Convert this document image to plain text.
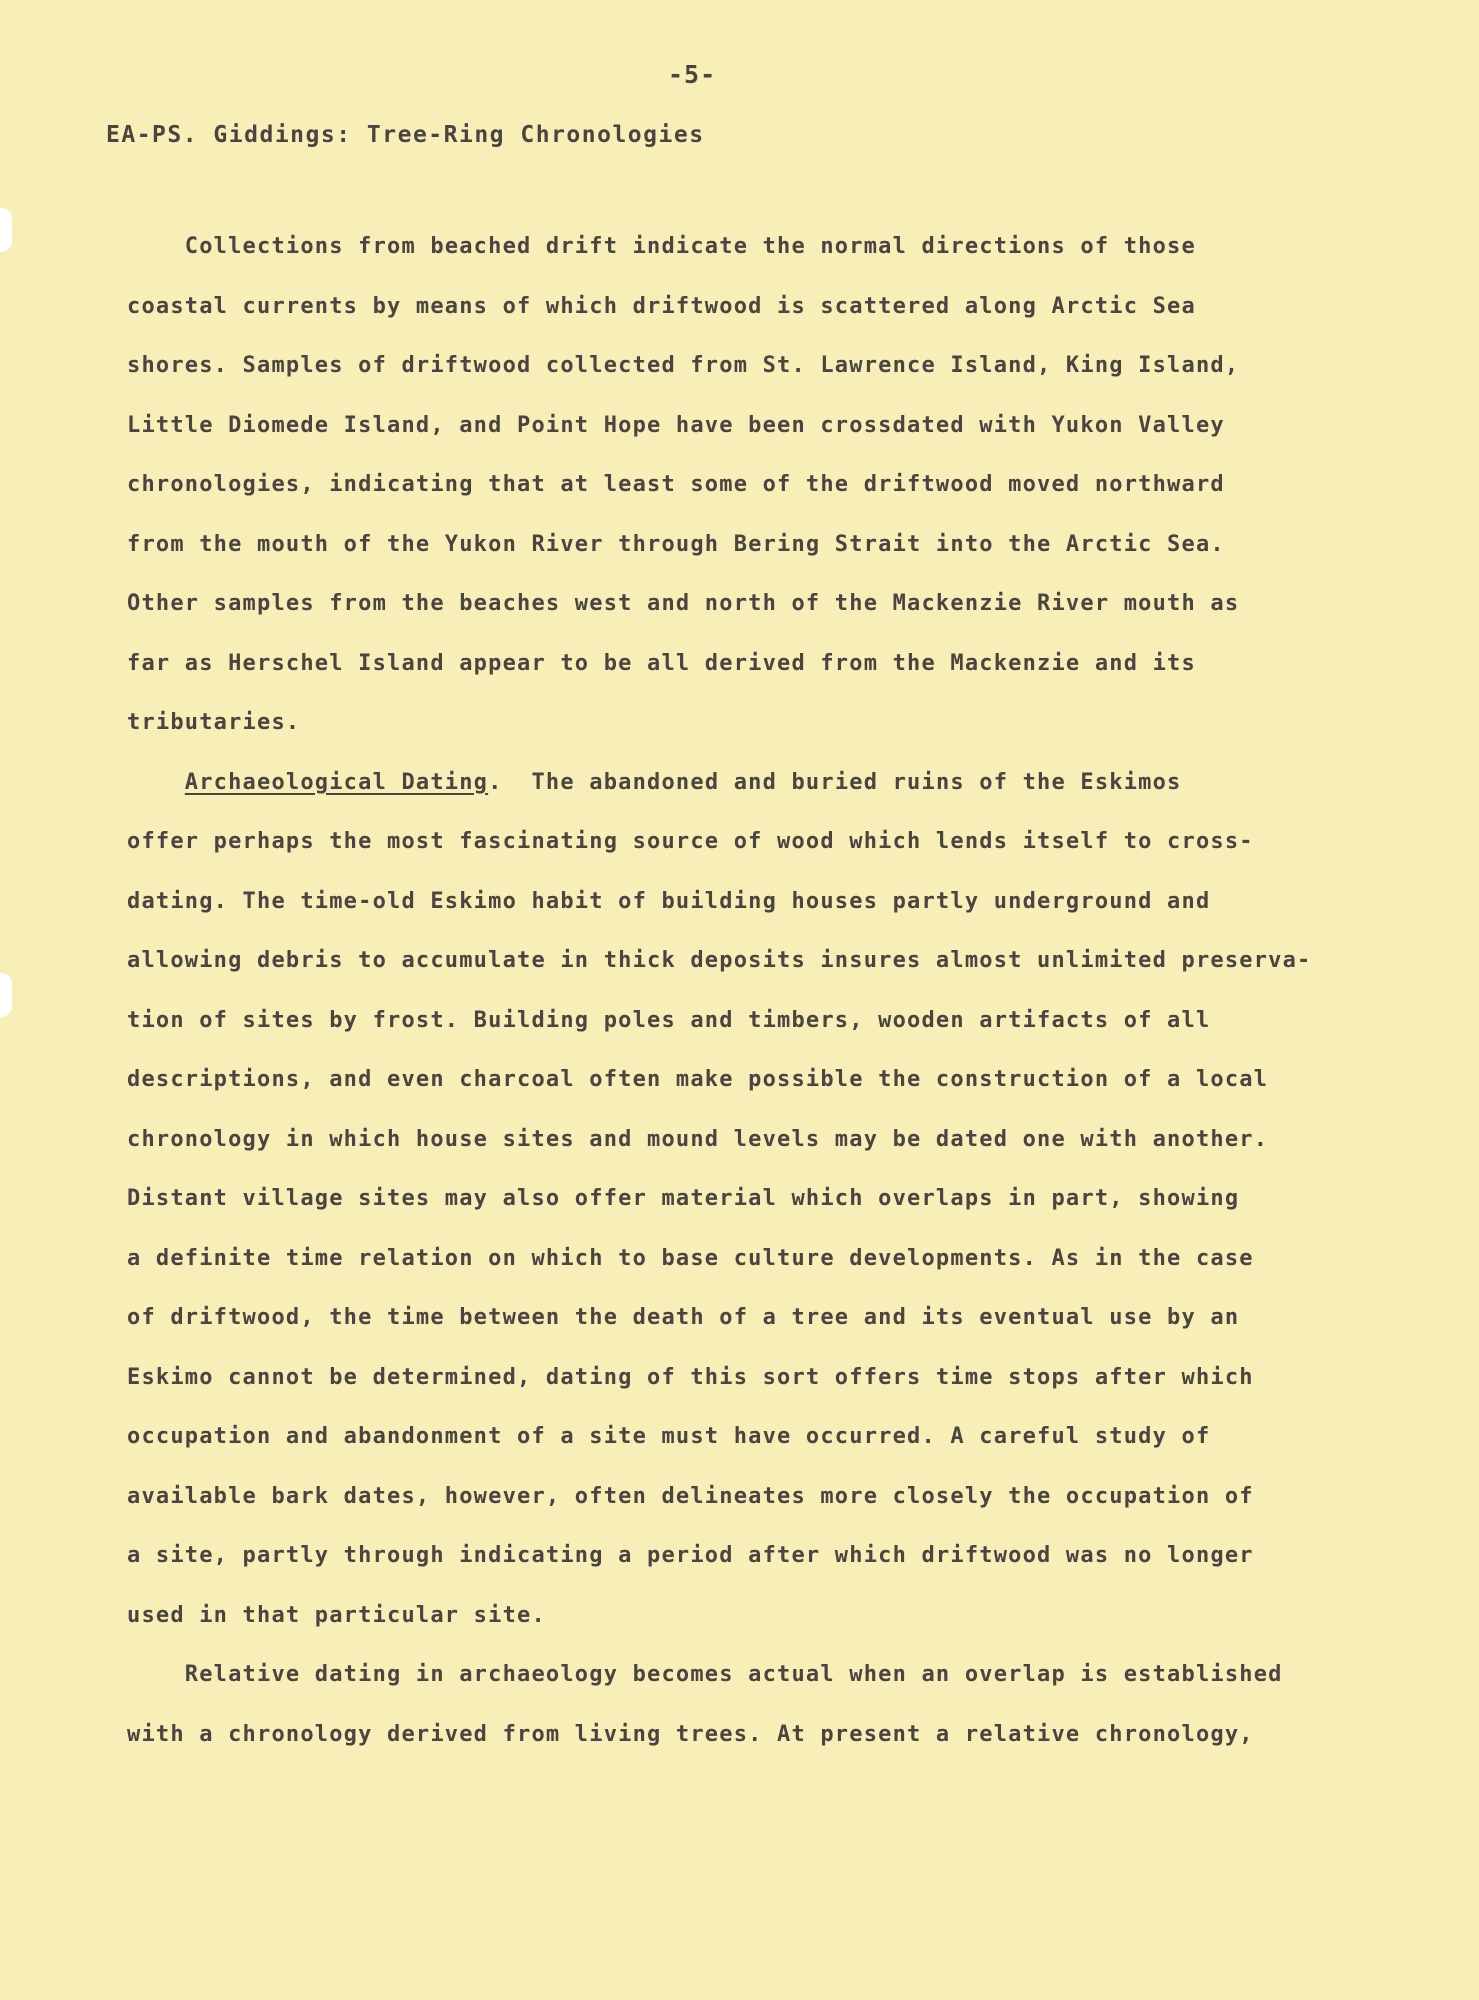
-5-
EA-PS. Giddings: Tree-Ring Chronologies
Collections from beached drift indicate the normal directions of those
coastal currents by means of which driftwood is scattered along Arctic Sea
shores. Samples of driftwood collected from St. Lawrence Island, King Island,
Little Diomede Island, and Point Hope have been crossdated with Yukon Valley
chronologies, indicating that at least some of the driftwood moved northward
from the mouth of the Yukon River through Bering Strait into the Arctic Sea.
Other samples from the beaches west and north of the Mackenzie River mouth as
far as Herschel Island appear to be all derived from the Mackenzie and its
tributaries.
Archaeological Dating.  The abandoned and buried ruins of the Eskimos
offer perhaps the most fascinating source of wood which lends itself to cross-
dating. The time-old Eskimo habit of building houses partly underground and
allowing debris to accumulate in thick deposits insures almost unlimited preserva-
tion of sites by frost. Building poles and timbers, wooden artifacts of all
descriptions, and even charcoal often make possible the construction of a local
chronology in which house sites and mound levels may be dated one with another.
Distant village sites may also offer material which overlaps in part, showing
a definite time relation on which to base culture developments. As in the case
of driftwood, the time between the death of a tree and its eventual use by an
Eskimo cannot be determined, dating of this sort offers time stops after which
occupation and abandonment of a site must have occurred. A careful study of
available bark dates, however, often delineates more closely the occupation of
a site, partly through indicating a period after which driftwood was no longer
used in that particular site.
Relative dating in archaeology becomes actual when an overlap is established
with a chronology derived from living trees. At present a relative chronology,
